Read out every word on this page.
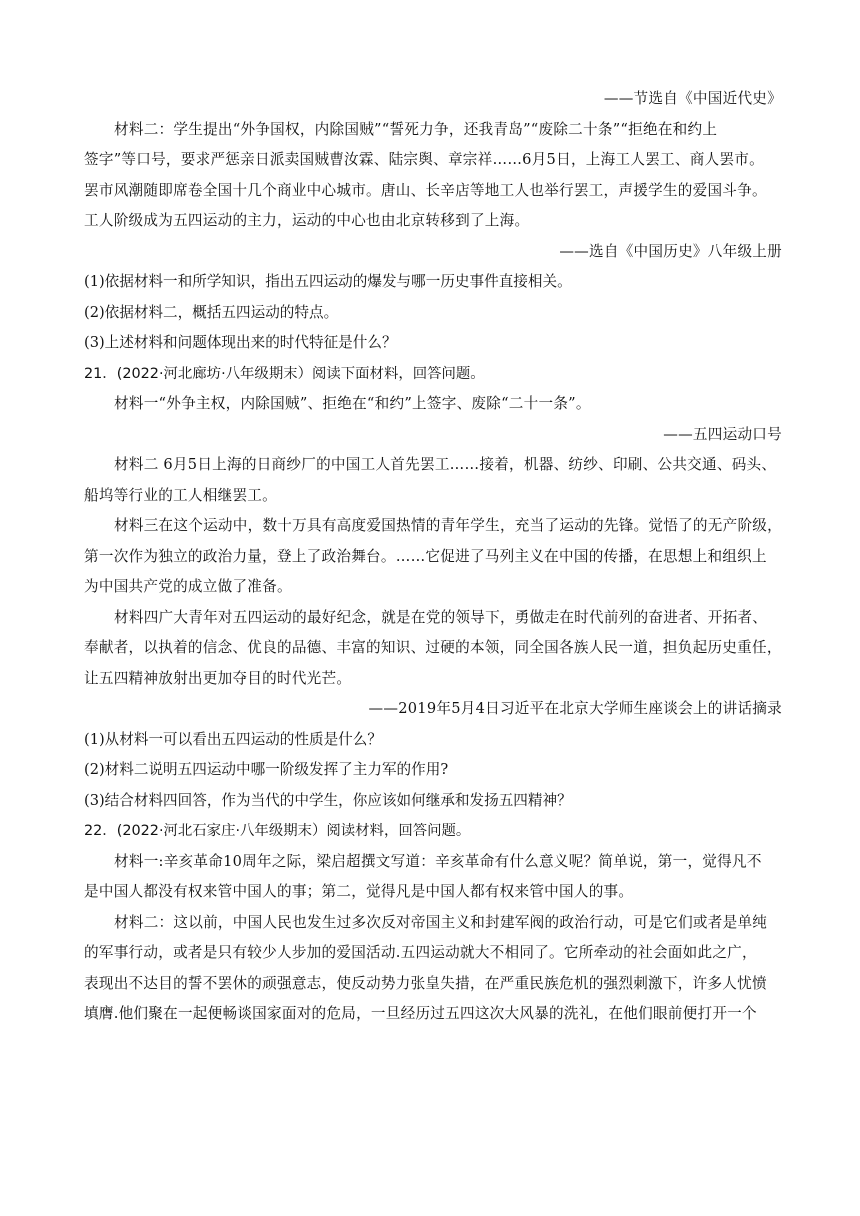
——节选自《中国近代史》

材料二：学生提出“外争国权，内除国贼”“誓死力争，还我青岛”“废除二十条”“拒绝在和约上

签字”等口号，要求严惩亲日派卖国贼曹汝霖、陆宗舆、章宗祥……6月5日，上海工人罢工、商人罢市。

罢市风潮随即席卷全国十几个商业中心城市。唐山、长辛店等地工人也举行罢工，声援学生的爱国斗争。

工人阶级成为五四运动的主力，运动的中心也由北京转移到了上海。

——选自《中国历史》八年级上册

(1)依据材料一和所学知识，指出五四运动的爆发与哪一历史事件直接相关。

(2)依据材料二，概括五四运动的特点。

(3)上述材料和问题体现出来的时代特征是什么？

21．(2022·河北廊坊·八年级期末）阅读下面材料，回答问题。

材料一“外争主权，内除国贼”、拒绝在“和约”上签字、废除“二十一条”。

——五四运动口号

材料二 6月5日上海的日商纱厂的中国工人首先罢工……接着，机器、纺纱、印刷、公共交通、码头、

船坞等行业的工人相继罢工。

材料三在这个运动中，数十万具有高度爱国热情的青年学生，充当了运动的先锋。觉悟了的无产阶级，

第一次作为独立的政治力量，登上了政治舞台。……它促进了马列主义在中国的传播，在思想上和组织上

为中国共产党的成立做了准备。

材料四广大青年对五四运动的最好纪念，就是在党的领导下，勇做走在时代前列的奋进者、开拓者、

奉献者，以执着的信念、优良的品德、丰富的知识、过硬的本领，同全国各族人民一道，担负起历史重任，

让五四精神放射出更加夺目的时代光芒。

——2019年5月4日习近平在北京大学师生座谈会上的讲话摘录

(1)从材料一可以看出五四运动的性质是什么？

(2)材料二说明五四运动中哪一阶级发挥了主力军的作用?

(3)结合材料四回答，作为当代的中学生，你应该如何继承和发扬五四精神？

22．(2022·河北石家庄·八年级期末）阅读材料，回答问题。

材料一:辛亥革命10周年之际，梁启超撰文写道：辛亥革命有什么意义呢？简单说，第一，觉得凡不

是中国人都没有权来管中国人的事；第二，觉得凡是中国人都有权来管中国人的事。

材料二：这以前，中国人民也发生过多次反对帝国主义和封建军阀的政治行动，可是它们或者是单纯

的军事行动，或者是只有较少人步加的爱国活动.五四运动就大不相同了。它所牵动的社会面如此之广，

表现出不达目的誓不罢休的顽强意志，使反动势力张皇失措，在严重民族危机的强烈刺激下，许多人忧愤

填膺.他们聚在一起便畅谈国家面对的危局，一旦经历过五四这次大风暴的洗礼，在他们眼前便打开一个
